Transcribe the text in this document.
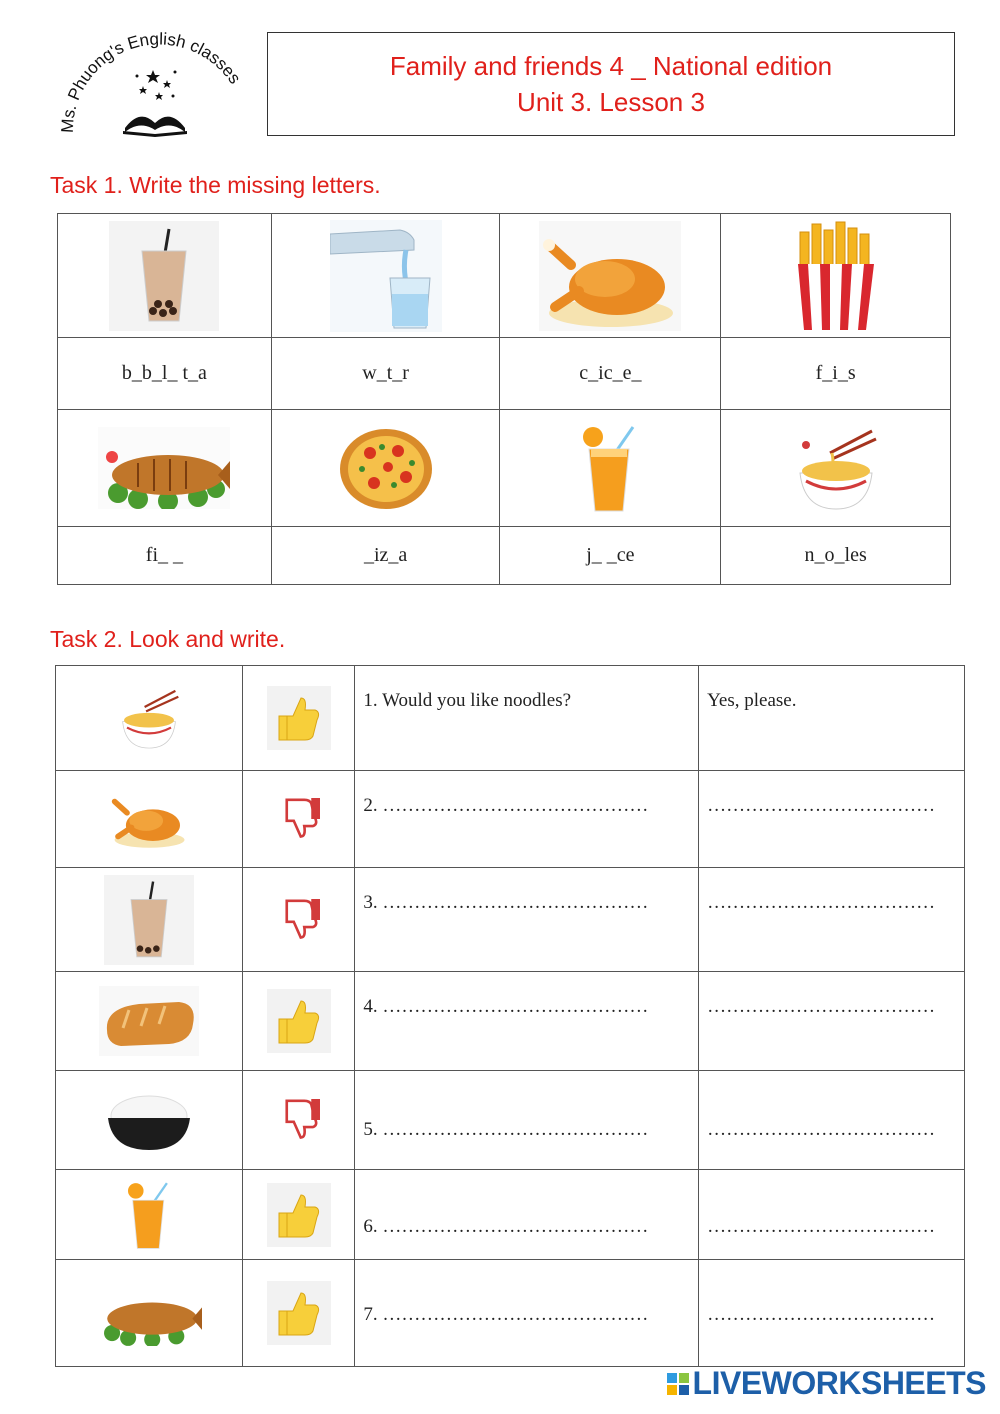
Ms. Phuong's English classes	Family and friends 4 _ National edition
Unit 3. Lesson 3
Task 1. Write the missing letters.

b_b_l_ t_a	w_t_r	c_ic_e_	f_i_s

fi_ _	_iz_a	j_ _ce	n_o_les
Task 2. Look and write.

	1. Would you like noodles?	Yes, please.

	2. ……………………………………	………………………………

	3. ……………………………………	………………………………

	4. ……………………………………	………………………………

	5. ……………………………………	………………………………

	6. ……………………………………	………………………………

	7. ……………………………………	………………………………
LIVEWORKSHEETS
